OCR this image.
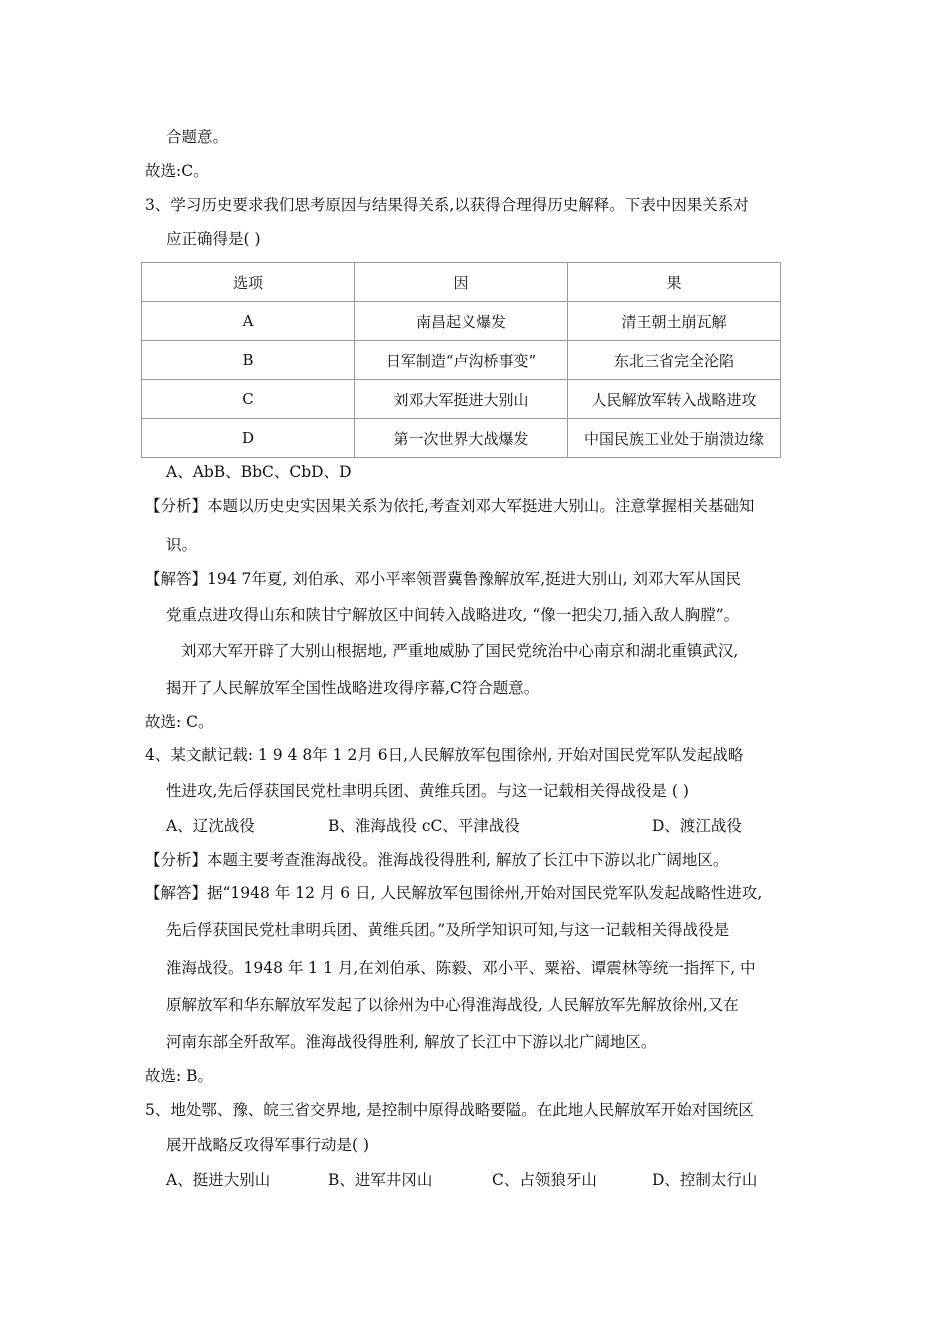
合题意。
故选:C。
3、学习历史要求我们思考原因与结果得关系,以获得合理得历史解释。下表中因果关系对
应正确得是( )
选项	因	果
A	南昌起义爆发	清王朝土崩瓦解
B	日军制造“卢沟桥事变”	东北三省完全沦陷
C	刘邓大军挺进大别山	人民解放军转入战略进攻
D	第一次世界大战爆发	中国民族工业处于崩溃边缘
A、AbB、BbC、CbD、D
【分析】本题以历史史实因果关系为依托,考查刘邓大军挺进大别山。注意掌握相关基础知
识。
【解答】194 7年夏, 刘伯承、邓小平率领晋冀鲁豫解放军,挺进大别山, 刘邓大军从国民
党重点进攻得山东和陕甘宁解放区中间转入战略进攻, “像一把尖刀,插入敌人胸膛”。
刘邓大军开辟了大别山根据地, 严重地威胁了国民党统治中心南京和湖北重镇武汉,
揭开了人民解放军全国性战略进攻得序幕,C符合题意。
故选: C。
4、某文献记载: 1 9 4 8年 1 2月 6日,人民解放军包围徐州, 开始对国民党军队发起战略
性进攻,先后俘获国民党杜聿明兵团、黄维兵团。与这一记载相关得战役是 ( )
A、辽沈战役	B、淮海战役 cC、平津战役	D、渡江战役
【分析】本题主要考查淮海战役。淮海战役得胜利, 解放了长江中下游以北广阔地区。
【解答】据“1948 年 12 月 6 日, 人民解放军包围徐州,开始对国民党军队发起战略性进攻,
先后俘获国民党杜聿明兵团、黄维兵团。”及所学知识可知,与这一记载相关得战役是
淮海战役。1948 年 1 1 月,在刘伯承、陈毅、邓小平、粟裕、谭震林等统一指挥下, 中
原解放军和华东解放军发起了以徐州为中心得淮海战役, 人民解放军先解放徐州,又在
河南东部全歼敌军。淮海战役得胜利, 解放了长江中下游以北广阔地区。
故选: B。
5、地处鄂、豫、皖三省交界地, 是控制中原得战略要隘。在此地人民解放军开始对国统区
展开战略反攻得军事行动是( )
A、挺进大别山	B、进军井冈山	C、占领狼牙山	D、控制太行山
